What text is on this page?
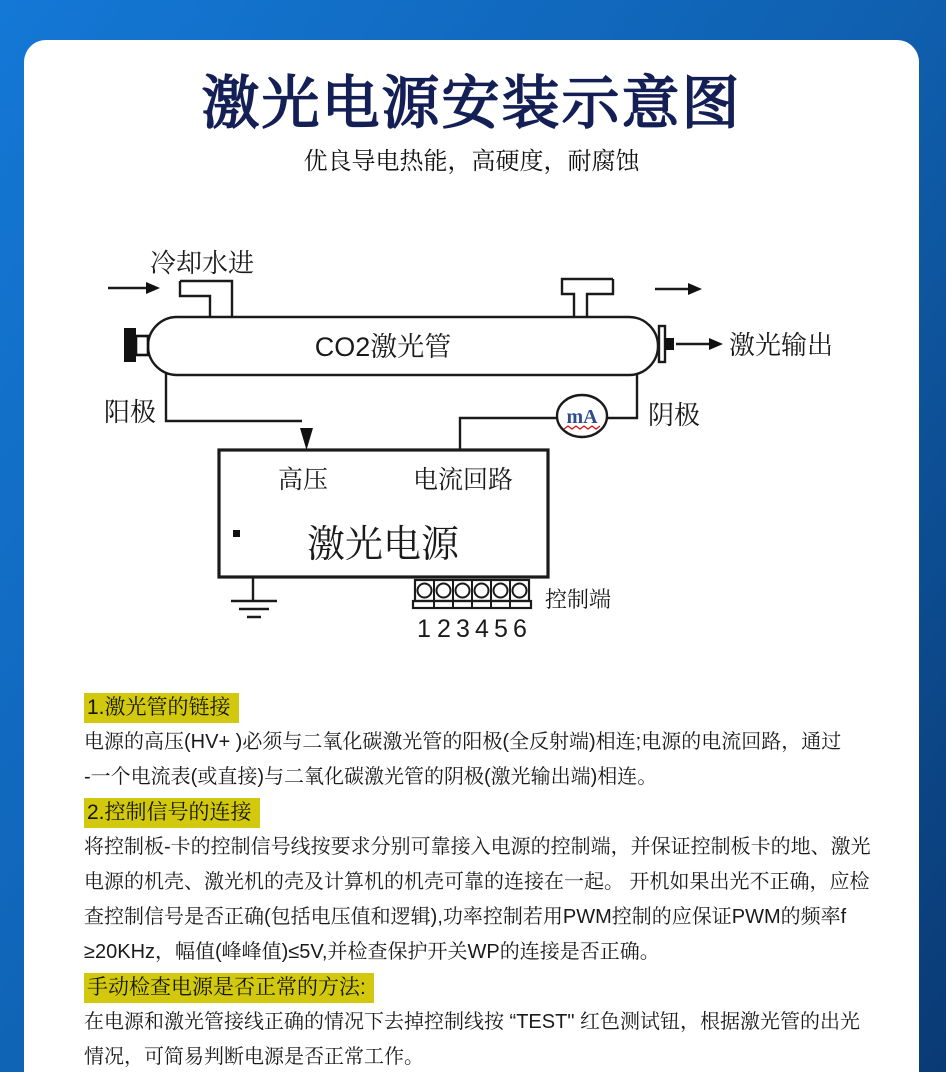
激光电源安装示意图
优良导电热能，高硬度，耐腐蚀
冷却水进
CO2激光管	激光输出
阳极	阴极
mA
高压	电流回路
激光电源
控制端
1 2 3 4 5 6
1.激光管的链接
电源的高压(HV+ )必须与二氧化碳激光管的阳极(全反射端)相连;电源的电流回路，通过
-一个电流表(或直接)与二氧化碳激光管的阴极(激光输出端)相连。
2.控制信号的连接
将控制板-卡的控制信号线按要求分别可靠接入电源的控制端，并保证控制板卡的地、激光
电源的机壳、激光机的壳及计算机的机壳可靠的连接在一起。 开机如果出光不正确，应检
查控制信号是否正确(包括电压值和逻辑),功率控制若用PWM控制的应保证PWM的频率f
≥20KHz，幅值(峰峰值)≤5V,并检查保护开关WP的连接是否正确。
手动检查电源是否正常的方法:
在电源和激光管接线正确的情况下去掉控制线按 “TEST" 红色测试钮，根据激光管的出光
情况，可简易判断电源是否正常工作。
